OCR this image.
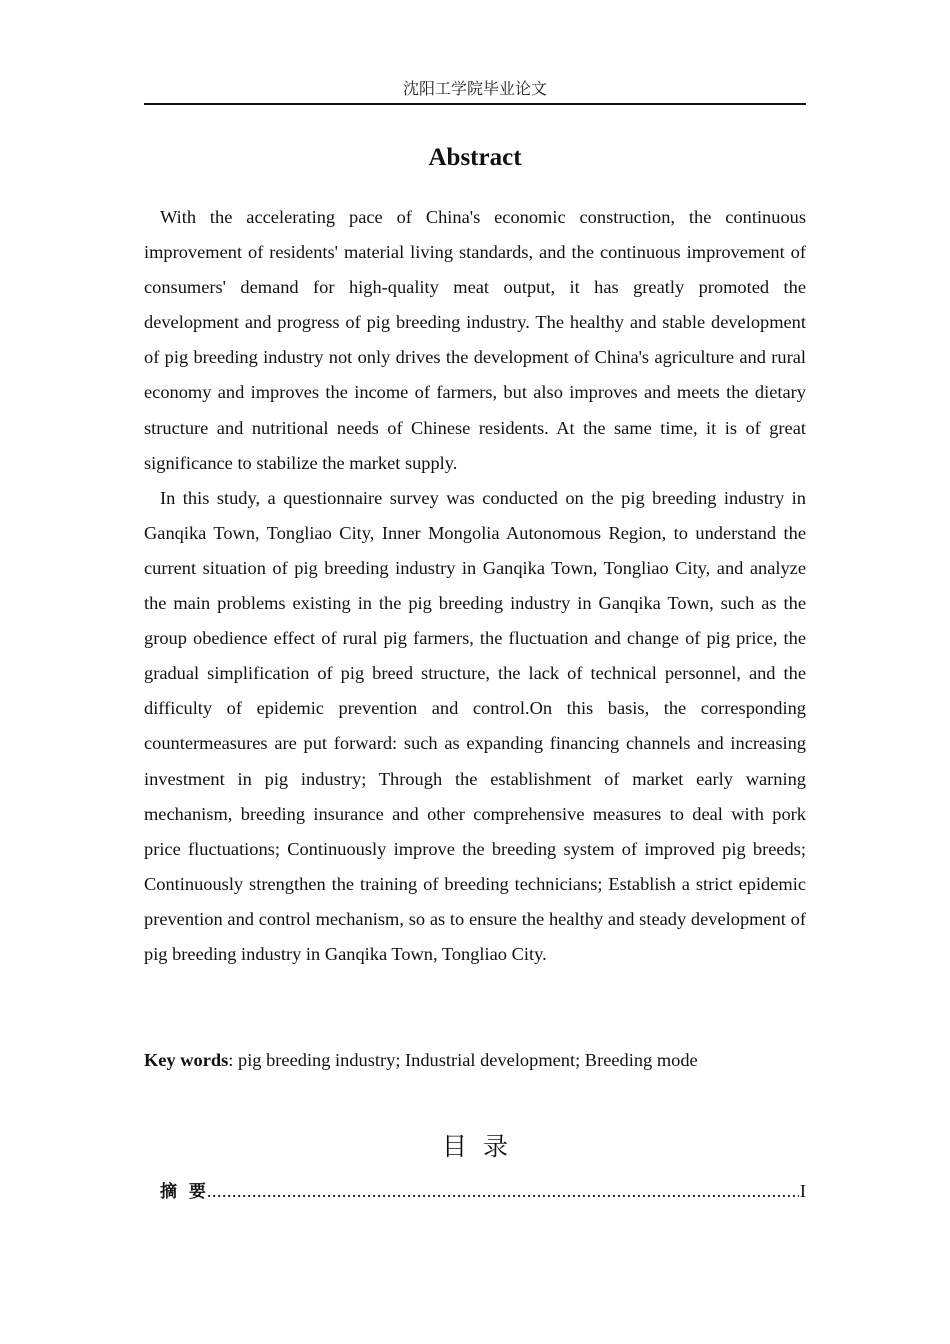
沈阳工学院毕业论文
Abstract

With the accelerating pace of China's economic construction, the continuous improvement of residents' material living standards, and the continuous improvement of consumers' demand for high-quality meat output, it has greatly promoted the development and progress of pig breeding industry. The healthy and stable development of pig breeding industry not only drives the development of China's agriculture and rural economy and improves the income of farmers, but also improves and meets the dietary structure and nutritional needs of Chinese residents. At the same time, it is of great significance to stabilize the market supply.

In this study, a questionnaire survey was conducted on the pig breeding industry in Ganqika Town, Tongliao City, Inner Mongolia Autonomous Region, to understand the current situation of pig breeding industry in Ganqika Town, Tongliao City, and analyze the main problems existing in the pig breeding industry in Ganqika Town, such as the group obedience effect of rural pig farmers, the fluctuation and change of pig price, the gradual simplification of pig breed structure, the lack of technical personnel, and the difficulty of epidemic prevention and control.On this basis, the corresponding countermeasures are put forward: such as expanding financing channels and increasing investment in pig industry; Through the establishment of market early warning mechanism, breeding insurance and other comprehensive measures to deal with pork price fluctuations; Continuously improve the breeding system of improved pig breeds; Continuously strengthen the training of breeding technicians; Establish a strict epidemic prevention and control mechanism, so as to ensure the healthy and steady development of pig breeding industry in Ganqika Town, Tongliao City.

Key words: pig breeding industry; Industrial development; Breeding mode
目  录
摘  要
.....	I
